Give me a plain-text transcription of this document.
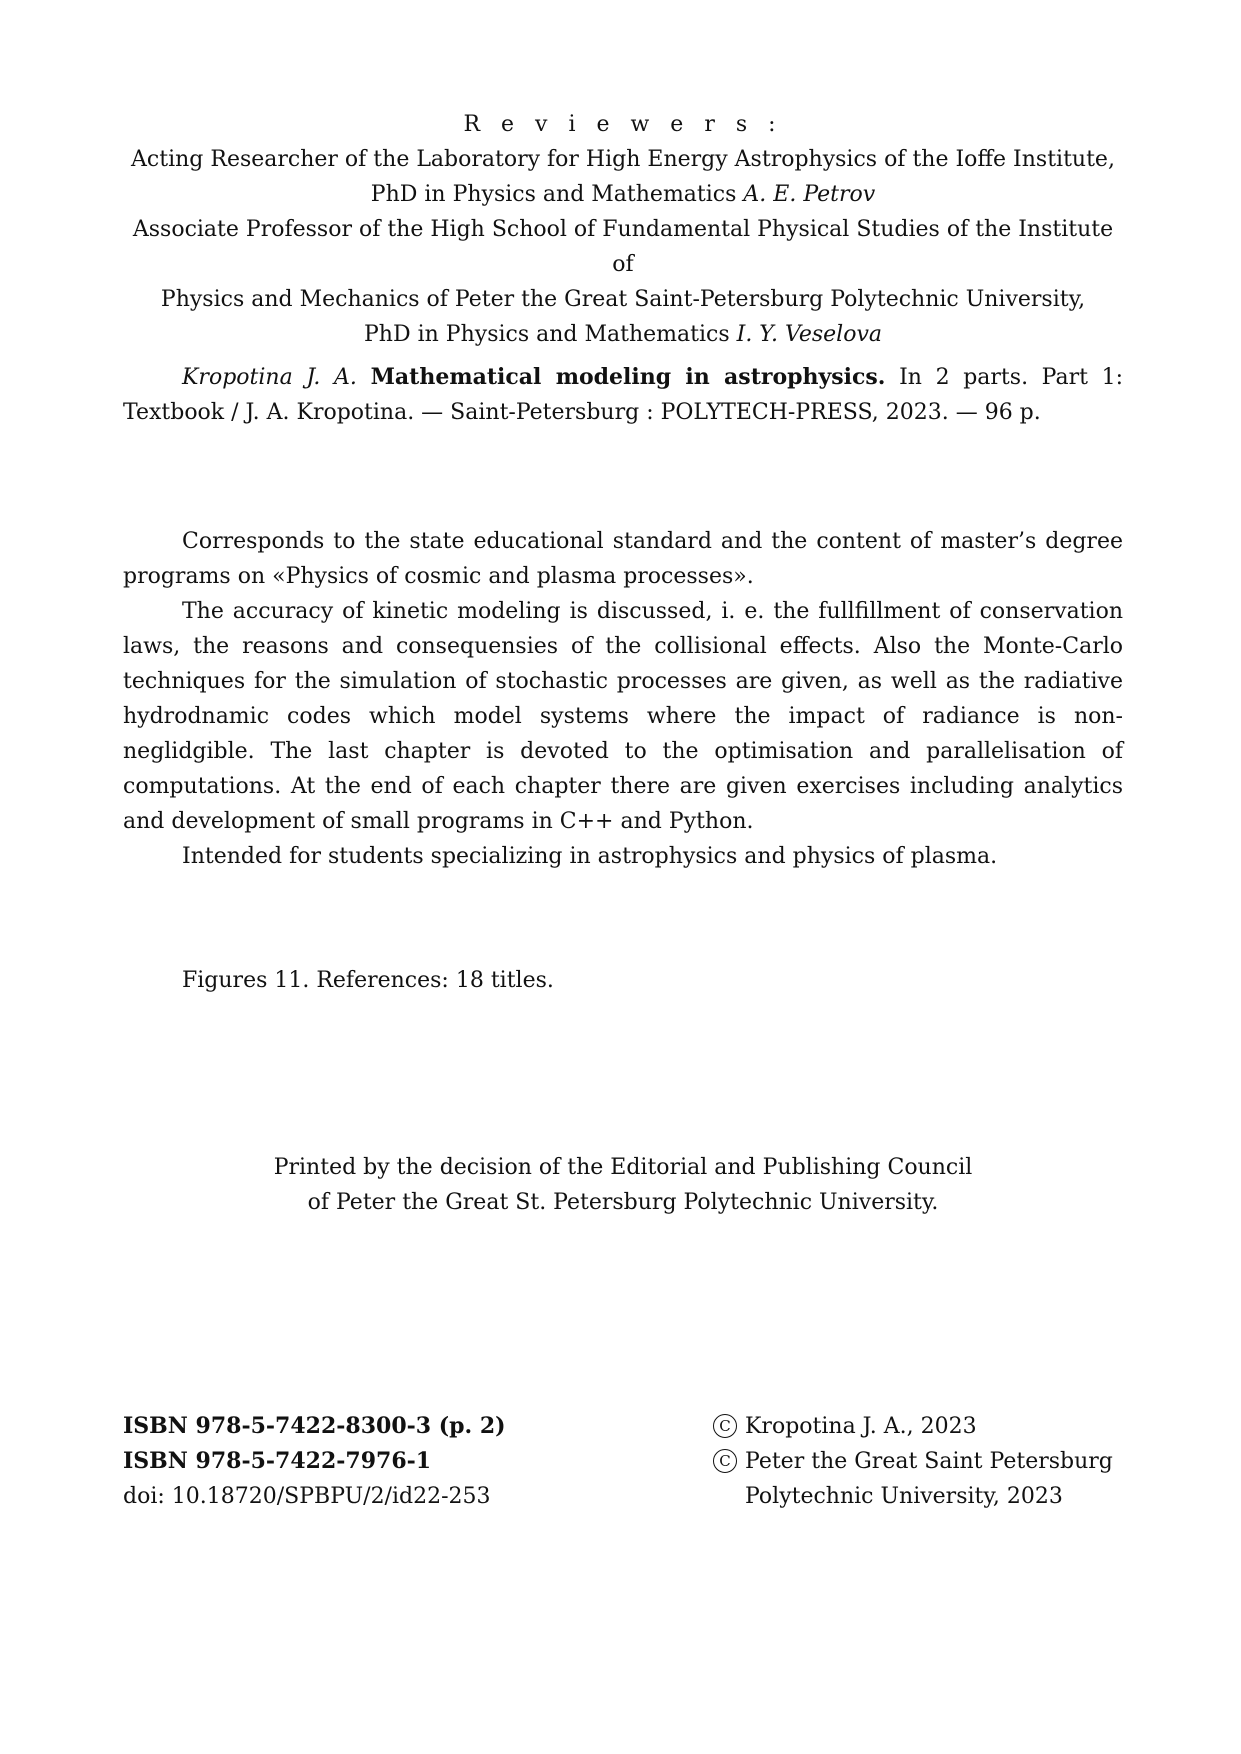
R e v i e w e r s :

Acting Researcher of the Laboratory for High Energy Astrophysics of the Ioffe Institute,

PhD in Physics and Mathematics A. E. Petrov

Associate Professor of the High School of Fundamental Physical Studies of the Institute of

Physics and Mechanics of Peter the Great Saint-Petersburg Polytechnic University,

PhD in Physics and Mathematics I. Y. Veselova

Kropotina J. A. Mathematical modeling in astrophysics. In 2 parts. Part 1: Textbook / J. A. Kropotina. — Saint-Petersburg : POLYTECH-PRESS, 2023. — 96 p.

Corresponds to the state educational standard and the content of master’s degree programs on «Physics of cosmic and plasma processes».

The accuracy of kinetic modeling is discussed, i. e. the fullfillment of conservation laws, the reasons and consequensies of the collisional effects. Also the Monte-Carlo techniques for the simulation of stochastic processes are given, as well as the radiative hydrodnamic codes which model systems where the impact of radiance is non-neglidgible. The last chapter is devoted to the optimisation and parallelisation of computations. At the end of each chapter there are given exercises including analytics and development of small programs in C++ and Python.

Intended for students specializing in astrophysics and physics of plasma.

Figures 11. References: 18 titles.

Printed by the decision of the Editorial and Publishing Council

of Peter the Great St. Petersburg Polytechnic University.

ISBN 978-5-7422-8300-3 (p. 2)

ISBN 978-5-7422-7976-1

doi: 10.18720/SPBPU/2/id22-253

C Kropotina J. A., 2023
C Peter the Great Saint Petersburg

Polytechnic University, 2023
